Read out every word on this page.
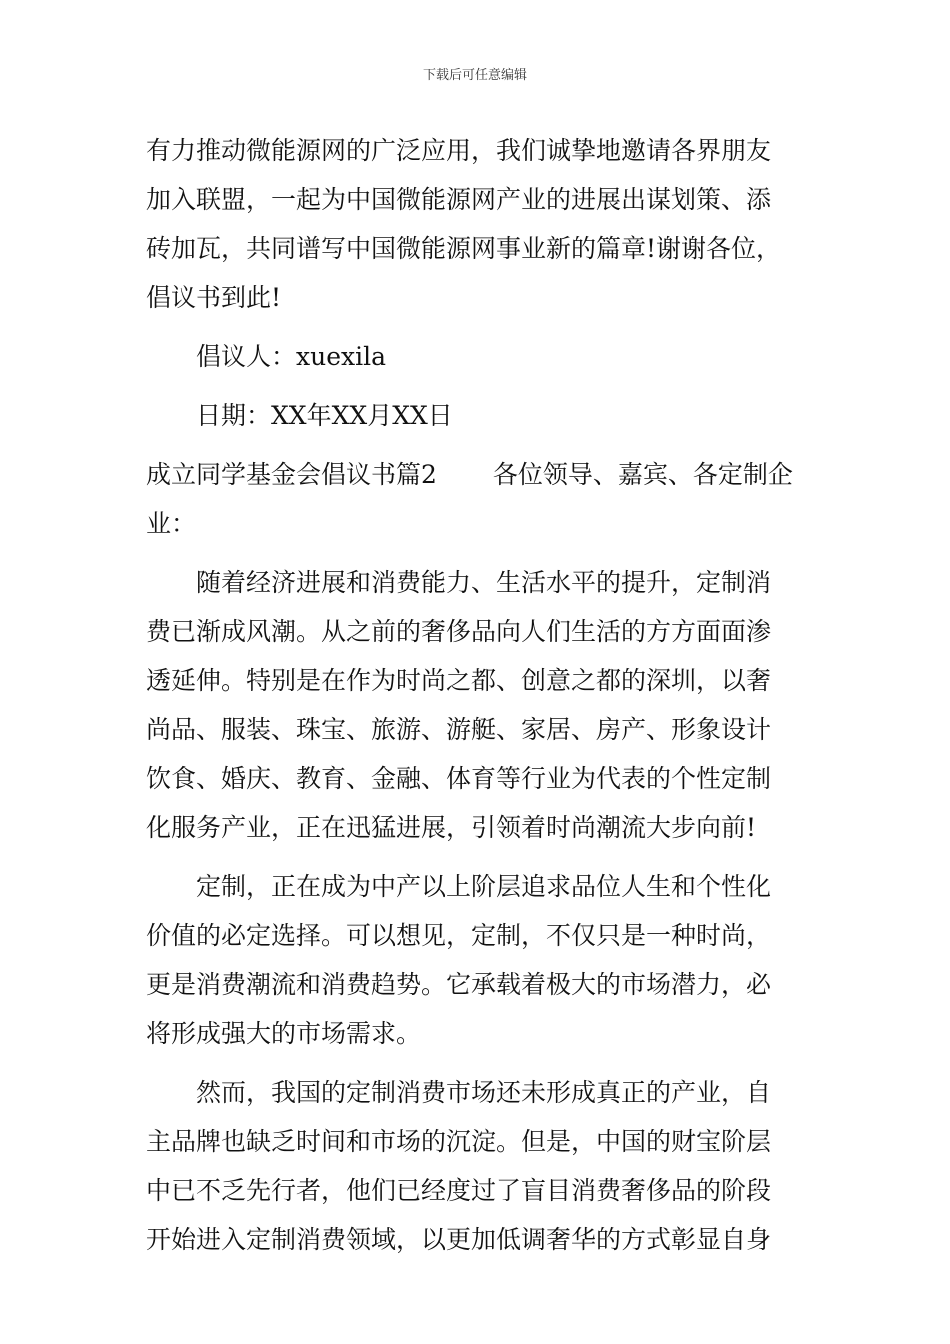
下载后可任意编辑
有力推动微能源网的广泛应用，我们诚挚地邀请各界朋友
加入联盟，一起为中国微能源网产业的进展出谋划策、添
砖加瓦，共同谱写中国微能源网事业新的篇章!谢谢各位，
倡议书到此!
　　倡议人：xuexila
　　日期：XX年XX月XX日
成立同学基金会倡议书篇2 各位领导、嘉宾、各定制企
业：
　　随着经济进展和消费能力、生活水平的提升，定制消
费已渐成风潮。从之前的奢侈品向人们生活的方方面面渗
透延伸。特别是在作为时尚之都、创意之都的深圳，以奢
尚品、服装、珠宝、旅游、游艇、家居、房产、形象设计
饮食、婚庆、教育、金融、体育等行业为代表的个性定制
化服务产业，正在迅猛进展，引领着时尚潮流大步向前!
　　定制，正在成为中产以上阶层追求品位人生和个性化
价值的必定选择。可以想见，定制，不仅只是一种时尚，
更是消费潮流和消费趋势。它承载着极大的市场潜力，必
将形成强大的市场需求。
　　然而，我国的定制消费市场还未形成真正的产业，自
主品牌也缺乏时间和市场的沉淀。但是，中国的财宝阶层
中已不乏先行者，他们已经度过了盲目消费奢侈品的阶段
开始进入定制消费领域，以更加低调奢华的方式彰显自身
